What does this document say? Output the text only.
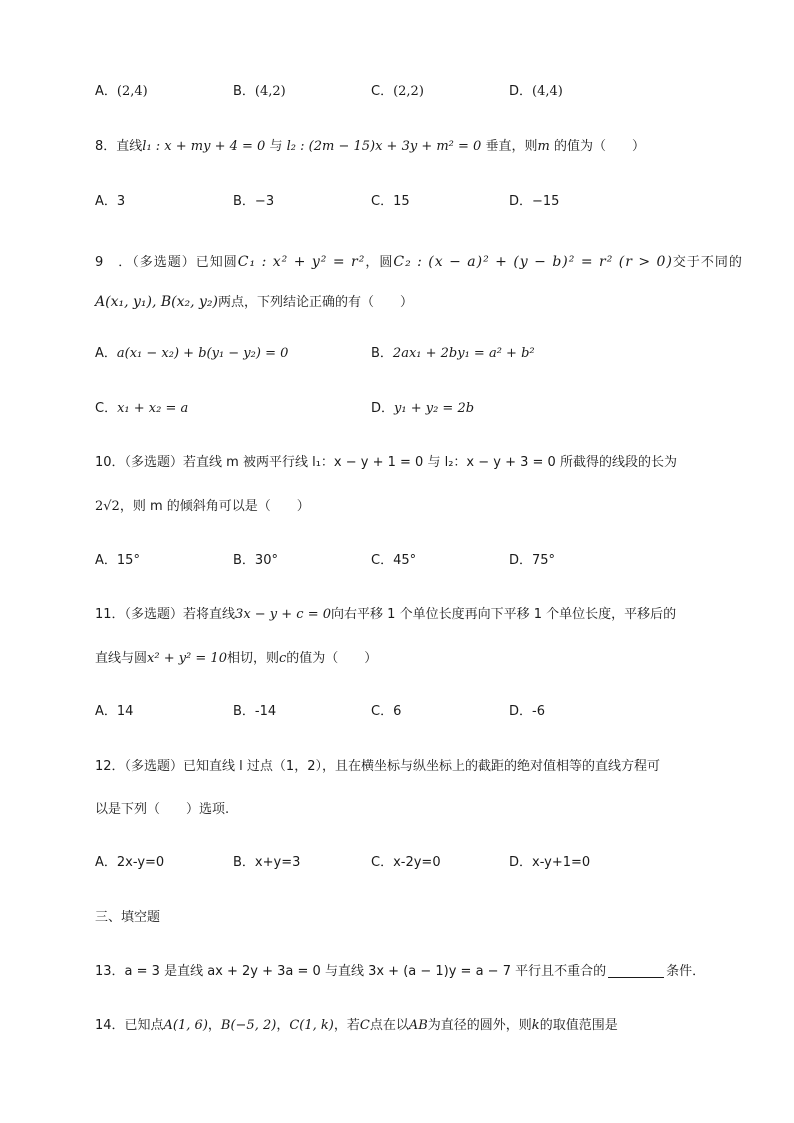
A．(2,4)	B．(4,2)	C．(2,2)	D．(4,4)
8．直线l₁ : x + my + 4 = 0 与 l₂ : (2m − 15)x + 3y + m² = 0 垂直，则m 的值为（　　）
A．3	B．−3	C．15	D．−15
9　．（多选题）已知圆C₁ : x² + y² = r²，圆C₂ : (x − a)² + (y − b)² = r² (r > 0)交于不同的
A(x₁, y₁), B(x₂, y₂)两点，下列结论正确的有（　　）
A．a(x₁ − x₂) + b(y₁ − y₂) = 0	B．2ax₁ + 2by₁ = a² + b²
C．x₁ + x₂ = a	D．y₁ + y₂ = 2b
10．（多选题）若直线 m 被两平行线 l₁：x − y + 1 = 0 与 l₂：x − y + 3 = 0 所截得的线段的长为
2√2，则 m 的倾斜角可以是（　　）
A．15°	B．30°	C．45°	D．75°
11．（多选题）若将直线3x − y + c = 0向右平移 1 个单位长度再向下平移 1 个单位长度，平移后的
直线与圆x² + y² = 10相切，则c的值为（　　）
A．14	B．-14	C．6	D．-6
12．（多选题）已知直线 l 过点（1，2），且在横坐标与纵坐标上的截距的绝对值相等的直线方程可
以是下列（　　）选项.
A．2x-y=0	B．x+y=3	C．x-2y=0	D．x-y+1=0
三、填空题
13．a = 3 是直线 ax + 2y + 3a = 0 与直线 3x + (a − 1)y = a − 7 平行且不重合的	条件．
14．已知点A(1, 6)，B(−5, 2)，C(1, k)，若C点在以AB为直径的圆外，则k的取值范围是
